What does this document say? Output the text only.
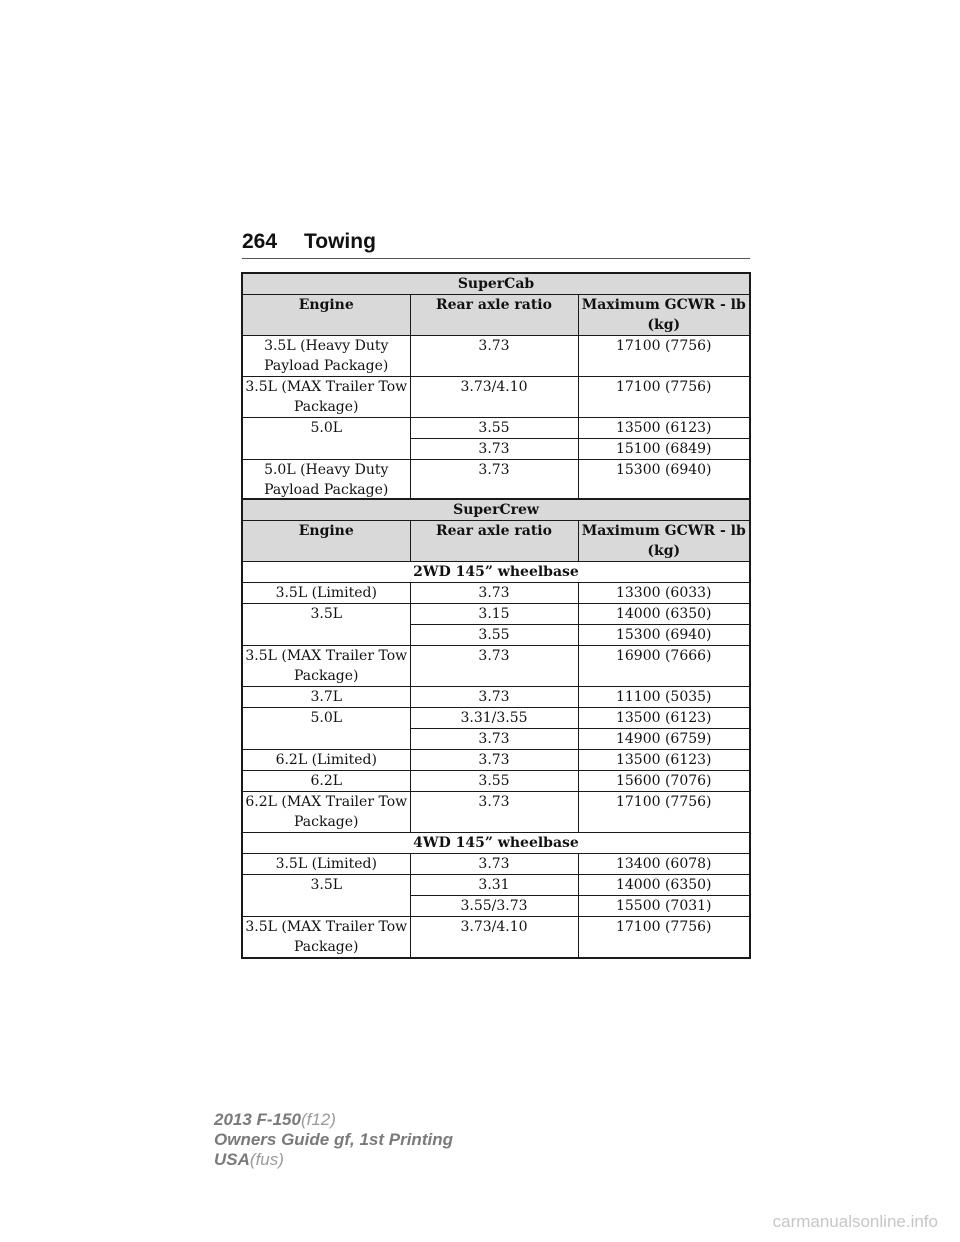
264 Towing
SuperCab		
Engine	Rear axle ratio	Maximum GCWR - lb (kg)
3.5L (Heavy Duty Payload Package)	3.73	17100 (7756)
3.5L (MAX Trailer Tow Package)	3.73/4.10	17100 (7756)
5.0L	3.55	13500 (6123)
	3.73	15100 (6849)
5.0L (Heavy Duty Payload Package)	3.73	15300 (6940)
SuperCrew		
Engine	Rear axle ratio	Maximum GCWR - lb (kg)
2WD 145” wheelbase		
3.5L (Limited)	3.73	13300 (6033)
3.5L	3.15	14000 (6350)
	3.55	15300 (6940)
3.5L (MAX Trailer Tow Package)	3.73	16900 (7666)
3.7L	3.73	11100 (5035)
5.0L	3.31/3.55	13500 (6123)
	3.73	14900 (6759)
6.2L (Limited)	3.73	13500 (6123)
6.2L	3.55	15600 (7076)
6.2L (MAX Trailer Tow Package)	3.73	17100 (7756)
4WD 145” wheelbase		
3.5L (Limited)	3.73	13400 (6078)
3.5L	3.31	14000 (6350)
	3.55/3.73	15500 (7031)
3.5L (MAX Trailer Tow Package)	3.73/4.10	17100 (7756)
2013 F-150(f12)
Owners Guide gf, 1st Printing
USA(fus)
carmanualsonline.info
